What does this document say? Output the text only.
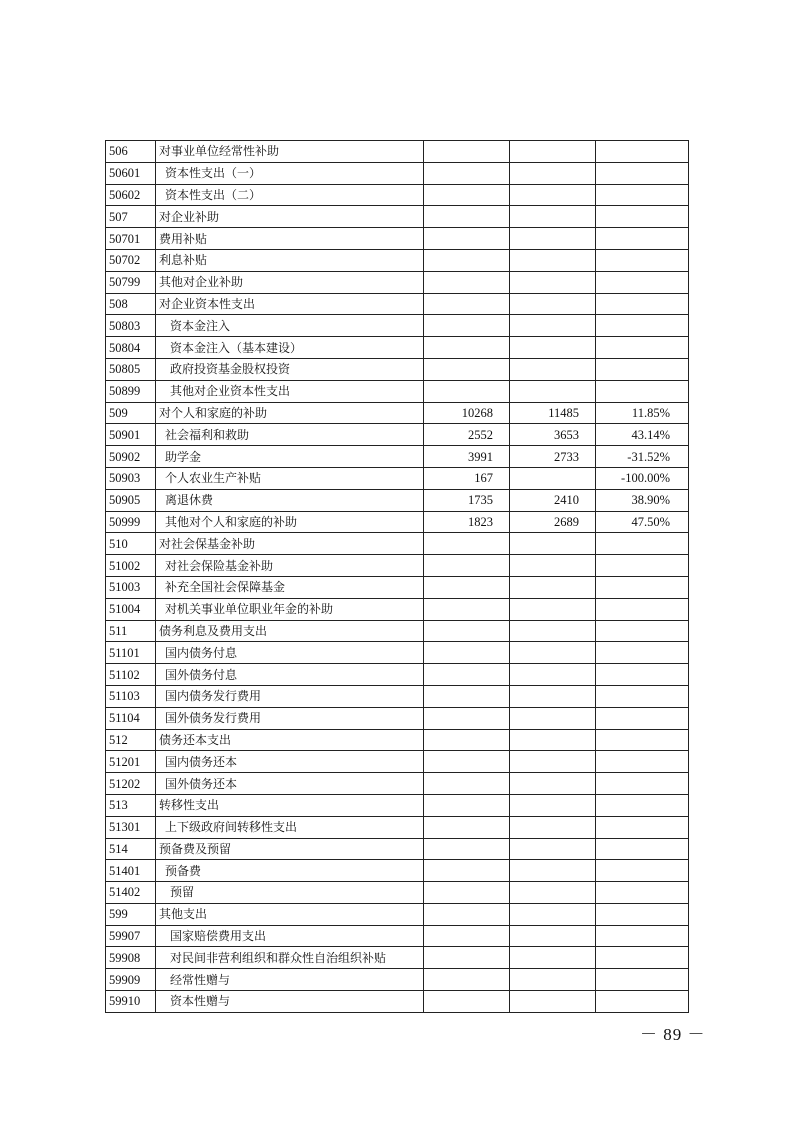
506	对事业单位经常性补助			
50601	资本性支出（一）			
50602	资本性支出（二）			
507	对企业补助			
50701	费用补贴			
50702	利息补贴			
50799	其他对企业补助			
508	对企业资本性支出			
50803	资本金注入			
50804	资本金注入（基本建设）			
50805	政府投资基金股权投资			
50899	其他对企业资本性支出			
509	对个人和家庭的补助	10268	11485	11.85%
50901	社会福利和救助	2552	3653	43.14%
50902	助学金	3991	2733	-31.52%
50903	个人农业生产补贴	167		-100.00%
50905	离退休费	1735	2410	38.90%
50999	其他对个人和家庭的补助	1823	2689	47.50%
510	对社会保基金补助			
51002	对社会保险基金补助			
51003	补充全国社会保障基金			
51004	对机关事业单位职业年金的补助			
511	债务利息及费用支出			
51101	国内债务付息			
51102	国外债务付息			
51103	国内债务发行费用			
51104	国外债务发行费用			
512	债务还本支出			
51201	国内债务还本			
51202	国外债务还本			
513	转移性支出			
51301	上下级政府间转移性支出			
514	预备费及预留			
51401	预备费			
51402	预留			
599	其他支出			
59907	国家赔偿费用支出			
59908	对民间非营利组织和群众性自治组织补贴			
59909	经常性赠与			
59910	资本性赠与			
－ 89 －
